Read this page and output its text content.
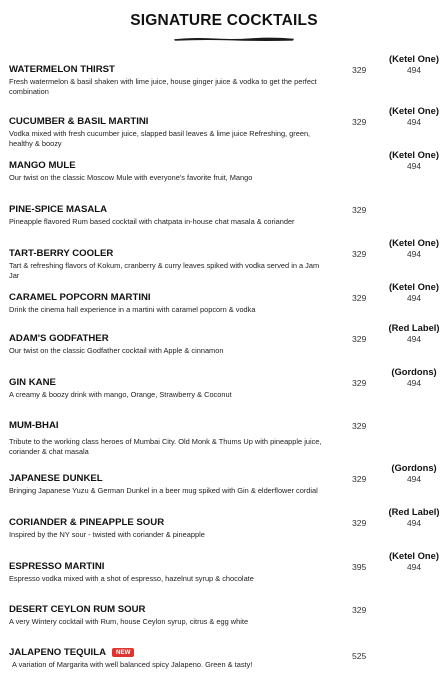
SIGNATURE COCKTAILS
WATERMELON THIRST
Fresh watermelon & basil shaken with lime juice, house ginger juice & vodka to get the perfect combination
329
(Ketel One)
494
CUCUMBER & BASIL MARTINI
Vodka mixed with fresh cucumber juice, slapped basil leaves & lime juice Refreshing, green, healthy & boozy
329
(Ketel One)
494
MANGO MULE
Our twist on the classic Moscow Mule with everyone's favorite fruit, Mango
(Ketel One)
494
PINE-SPICE MASALA
Pineapple flavored Rum based cocktail with chatpata in-house chat masala & coriander
329
TART-BERRY COOLER
Tart & refreshing flavors of Kokum, cranberry & curry leaves spiked with vodka served in a Jam Jar
329
(Ketel One)
494
CARAMEL POPCORN MARTINI
Drink the cinema hall experience in a martini with caramel popcorn & vodka
329
(Ketel One)
494
ADAM'S GODFATHER
Our twist on the classic Godfather cocktail with Apple & cinnamon
329
(Red Label)
494
GIN KANE
A creamy & boozy drink with mango, Orange, Strawberry & Coconut
329
(Gordons)
494
MUM-BHAI
Tribute to the working class heroes of Mumbai City. Old Monk & Thums Up with pineapple juice, coriander & chat masala
329
JAPANESE DUNKEL
Bringing Japanese Yuzu & German Dunkel in a beer mug spiked with Gin & elderflower cordial
329
(Gordons)
494
CORIANDER & PINEAPPLE SOUR
Inspired by the NY sour - twisted with coriander & pineapple
329
(Red Label)
494
ESPRESSO MARTINI
Espresso vodka mixed with a shot of espresso, hazelnut syrup & chocolate
395
(Ketel One)
494
DESERT CEYLON RUM SOUR
A very Wintery cocktail with Rum, house Ceylon syrup, citrus & egg white
329
JALAPENO TEQUILA NEW
A variation of Margarita with well balanced spicy Jalapeno. Green & tasty!
525
